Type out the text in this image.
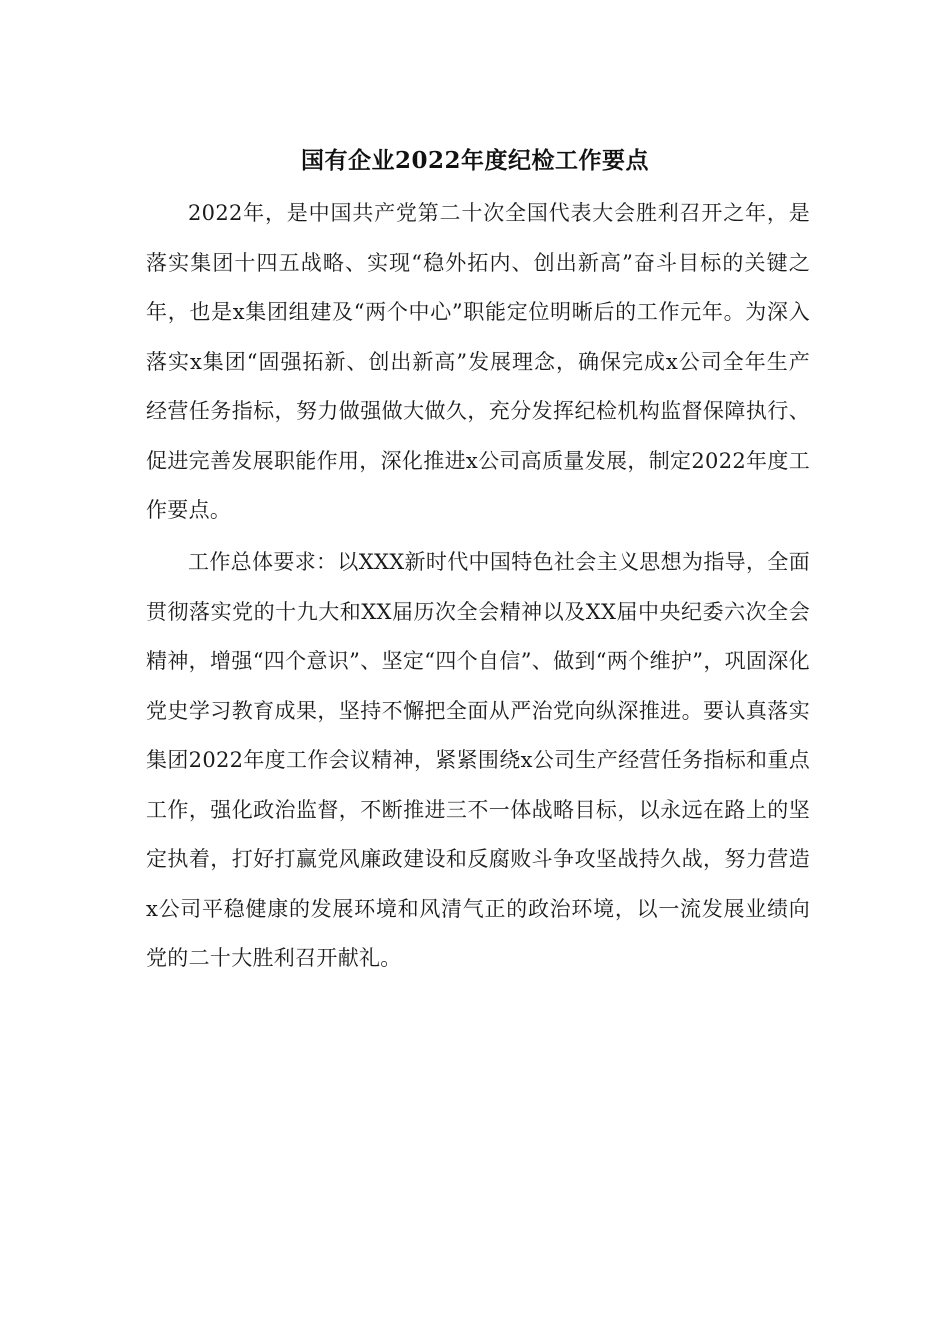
国有企业2022年度纪检工作要点

2022年，是中国共产党第二十次全国代表大会胜利召开之年，是落实集团十四五战略、实现“稳外拓内、创出新高”奋斗目标的关键之年，也是x集团组建及“两个中心”职能定位明晰后的工作元年。为深入落实x集团“固强拓新、创出新高”发展理念，确保完成x公司全年生产经营任务指标，努力做强做大做久，充分发挥纪检机构监督保障执行、促进完善发展职能作用，深化推进x公司高质量发展，制定2022年度工作要点。

工作总体要求：以XXX新时代中国特色社会主义思想为指导，全面贯彻落实党的十九大和XX届历次全会精神以及XX届中央纪委六次全会精神，增强“四个意识”、坚定“四个自信”、做到“两个维护”，巩固深化党史学习教育成果，坚持不懈把全面从严治党向纵深推进。要认真落实集团2022年度工作会议精神，紧紧围绕x公司生产经营任务指标和重点工作，强化政治监督，不断推进三不一体战略目标，以永远在路上的坚定执着，打好打赢党风廉政建设和反腐败斗争攻坚战持久战，努力营造x公司平稳健康的发展环境和风清气正的政治环境，以一流发展业绩向党的二十大胜利召开献礼。
